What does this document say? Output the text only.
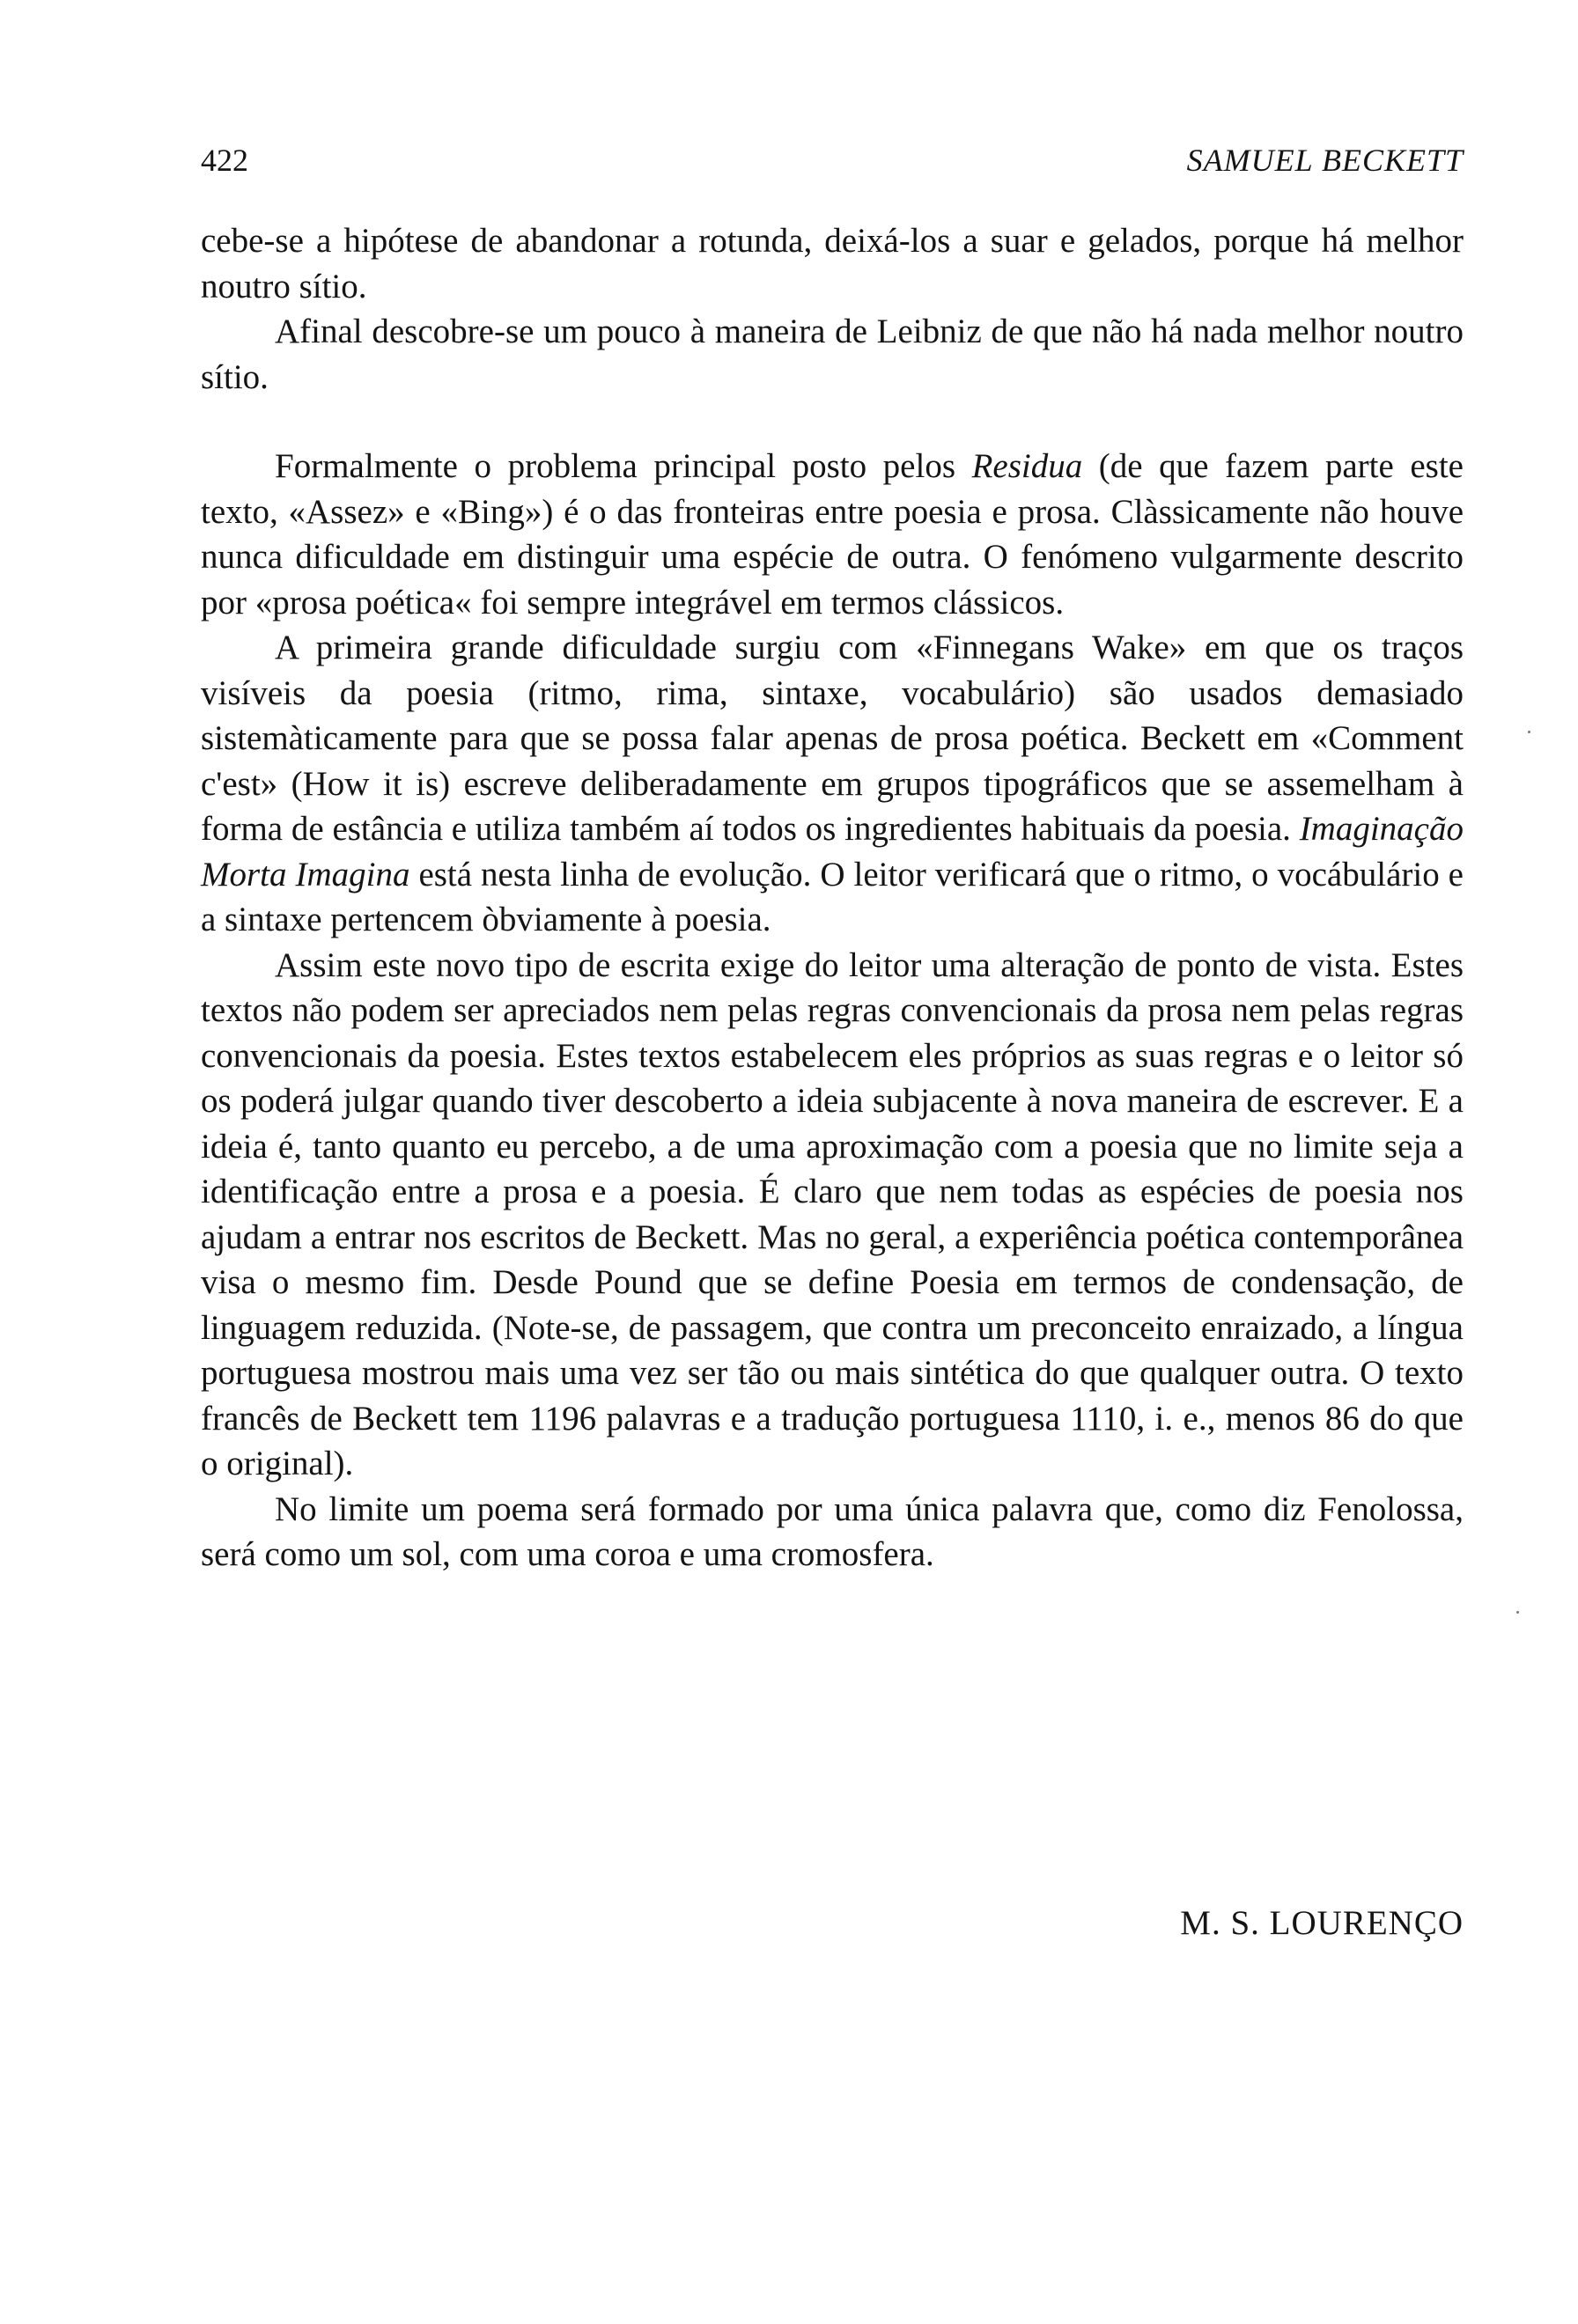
422	SAMUEL BECKETT

cebe-se a hipótese de abandonar a rotunda, deixá-los a suar e gelados, porque há melhor noutro sítio.

Afinal descobre-se um pouco à maneira de Leibniz de que não há nada melhor noutro sítio.

Formalmente o problema principal posto pelos Residua (de que fazem parte este texto, «Assez» e «Bing») é o das fronteiras entre poesia e prosa. Clàssicamente não houve nunca dificuldade em distinguir uma espécie de outra. O fenómeno vulgarmente descrito por «prosa poética« foi sempre integrável em termos clássicos.

A primeira grande dificuldade surgiu com «Finnegans Wake» em que os traços visíveis da poesia (ritmo, rima, sintaxe, vocabulário) são usados demasiado sistemàticamente para que se possa falar apenas de prosa poética. Beckett em «Comment c'est» (How it is) escreve deliberadamente em grupos tipográficos que se assemelham à forma de estância e utiliza também aí todos os ingredientes habituais da poesia. Imaginação Morta Imagina está nesta linha de evolução. O leitor verificará que o ritmo, o vocábulário e a sintaxe pertencem òbviamente à poesia.

Assim este novo tipo de escrita exige do leitor uma alteração de ponto de vista. Estes textos não podem ser apreciados nem pelas regras convencionais da prosa nem pelas regras convencionais da poesia. Estes textos estabelecem eles próprios as suas regras e o leitor só os poderá julgar quando tiver descoberto a ideia subjacente à nova maneira de escrever. E a ideia é, tanto quanto eu percebo, a de uma aproximação com a poesia que no limite seja a identificação entre a prosa e a poesia. É claro que nem todas as espécies de poesia nos ajudam a entrar nos escritos de Beckett. Mas no geral, a experiência poética contemporânea visa o mesmo fim. Desde Pound que se define Poesia em termos de condensação, de linguagem reduzida. (Note-se, de passagem, que contra um preconceito enraizado, a língua portuguesa mostrou mais uma vez ser tão ou mais sintética do que qualquer outra. O texto francês de Beckett tem 1196 palavras e a tradução portuguesa 1110, i. e., menos 86 do que o original).

No limite um poema será formado por uma única palavra que, como diz Fenolossa, será como um sol, com uma coroa e uma cromosfera.

M. S. LOURENÇO
